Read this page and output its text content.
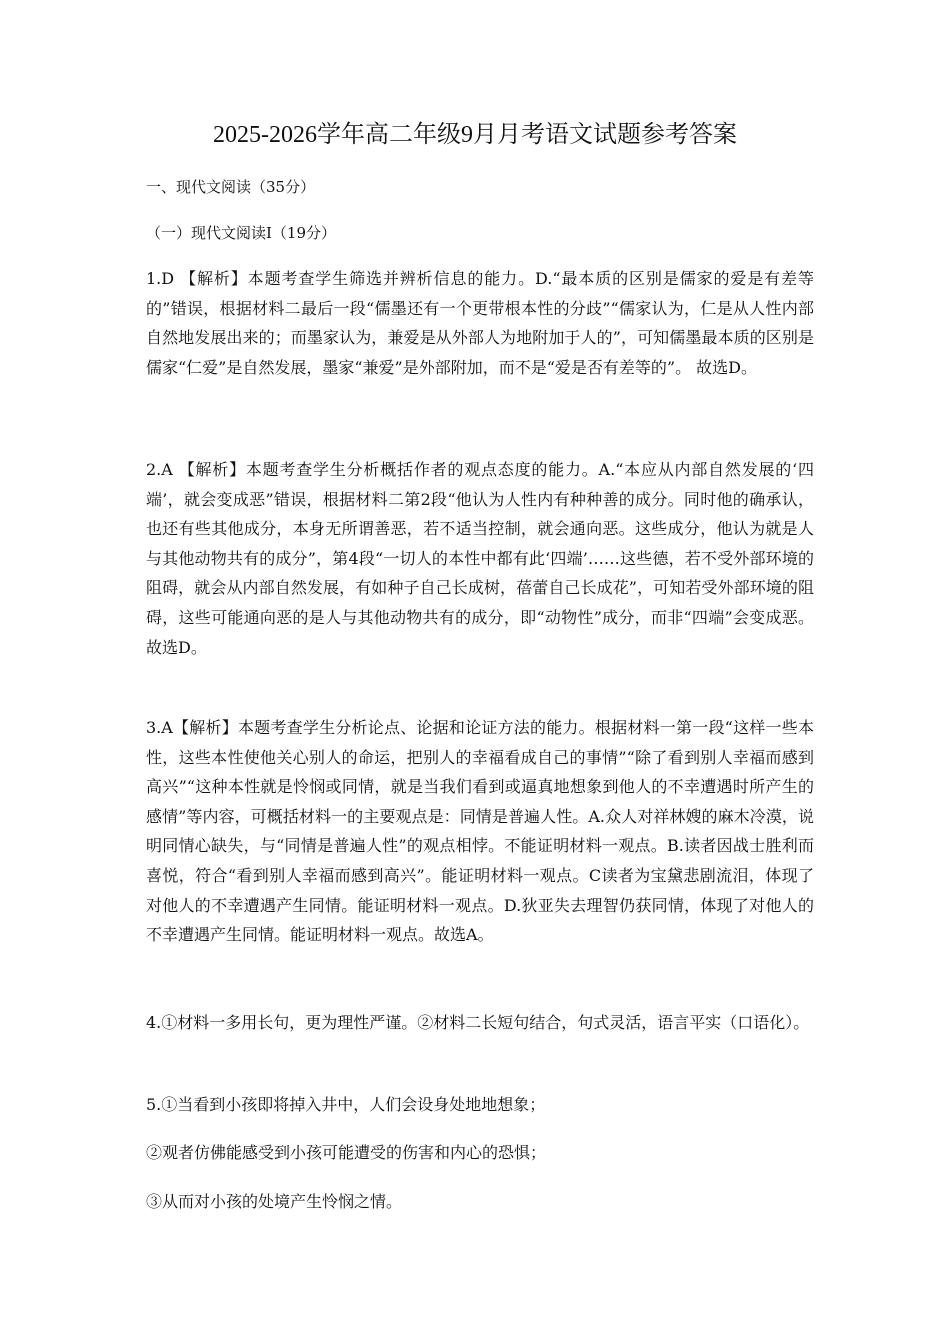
2025-2026学年高二年级9月月考语文试题参考答案
一、现代文阅读（35分）
（一）现代文阅读Ⅰ（19分）
1.D 【解析】本题考查学生筛选并辨析信息的能力。D.“最本质的区别是儒家的爱是有差等的”错误，根据材料二最后一段“儒墨还有一个更带根本性的分歧”“儒家认为，仁是从人性内部自然地发展出来的；而墨家认为，兼爱是从外部人为地附加于人的”，可知儒墨最本质的区别是儒家“仁爱”是自然发展，墨家“兼爱”是外部附加，而不是“爱是否有差等的”。 故选D。
2.A 【解析】本题考查学生分析概括作者的观点态度的能力。A.“本应从内部自然发展的‘四端’，就会变成恶”错误，根据材料二第2段“他认为人性内有种种善的成分。同时他的确承认，也还有些其他成分，本身无所谓善恶，若不适当控制，就会通向恶。这些成分，他认为就是人与其他动物共有的成分”，第4段“一切人的本性中都有此‘四端’……这些德，若不受外部环境的阻碍，就会从内部自然发展，有如种子自己长成树，蓓蕾自己长成花”，可知若受外部环境的阻碍，这些可能通向恶的是人与其他动物共有的成分，即“动物性”成分，而非“四端”会变成恶。故选D。
3.A【解析】本题考查学生分析论点、论据和论证方法的能力。根据材料一第一段“这样一些本性，这些本性使他关心别人的命运，把别人的幸福看成自己的事情”“除了看到别人幸福而感到高兴”“这种本性就是怜悯或同情，就是当我们看到或逼真地想象到他人的不幸遭遇时所产生的感情”等内容，可概括材料一的主要观点是：同情是普遍人性。A.众人对祥林嫂的麻木冷漠，说明同情心缺失，与“同情是普遍人性”的观点相悖。不能证明材料一观点。B.读者因战士胜利而喜悦，符合“看到别人幸福而感到高兴”。能证明材料一观点。C读者为宝黛悲剧流泪，体现了对他人的不幸遭遇产生同情。能证明材料一观点。D.狄亚失去理智仍获同情，体现了对他人的不幸遭遇产生同情。能证明材料一观点。故选A。
4.①材料一多用长句，更为理性严谨。②材料二长短句结合，句式灵活，语言平实（口语化）。
5.①当看到小孩即将掉入井中，人们会设身处地地想象；
②观者仿佛能感受到小孩可能遭受的伤害和内心的恐惧；
③从而对小孩的处境产生怜悯之情。
